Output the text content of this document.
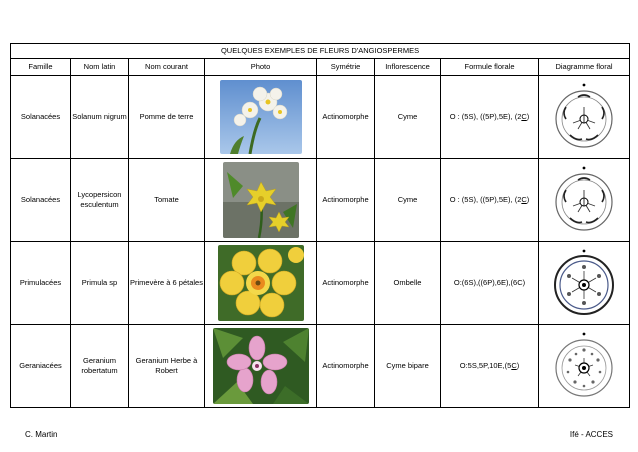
QUELQUES EXEMPLES DE FLEURS D'ANGIOSPERMES							
Famille	Nom latin	Nom courant	Photo	Symétrie	Inflorescence	Formule florale	Diagramme floral
Solanacées	Solanum nigrum	Pomme de terre		Actinomorphe	Cyme	O : (5S), ((5P),5E), (2C)	

Solanacées	Lycopersicon esculentum	Tomate		Actinomorphe	Cyme	O : (5S), ((5P),5E), (2C)	

Primulacées	Primula sp	Primevère à 6 pétales		Actinomorphe	Ombelle	O:(6S),((6P),6E),(6C)	

Geraniacées	Geranium robertatum	Geranium Herbe à Robert		Actinomorphe	Cyme bipare	O:5S,5P,10E,(5C)	
C. Martin	Ifé - ACCES
